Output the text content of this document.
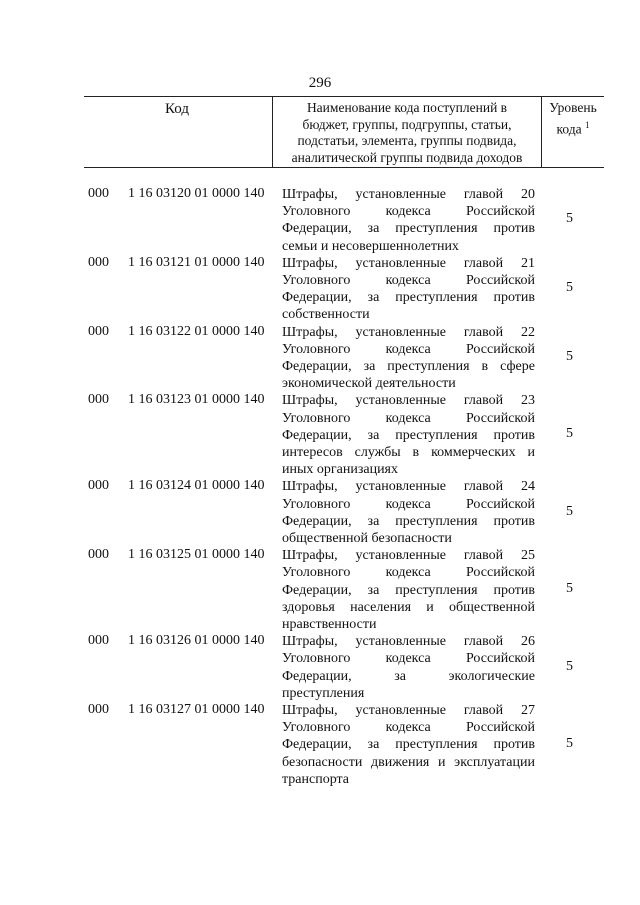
296
Код	Наименование кода поступлений в
бюджет, группы, подгруппы, статьи,
подстатьи, элемента, группы подвида,
аналитической группы подвида доходов
Уровень
кода $^1$
000 1 16 03120 01 0000 140 Штрафы, установленные главой 20
Уголовного кодекса Российской
Федерации, за преступления против
семьи и несовершеннолетних
5
000 1 16 03121 01 0000 140 Штрафы, установленные главой 21
Уголовного кодекса Российской
Федерации, за преступления против
собственности
5
000 1 16 03122 01 0000 140 Штрафы, установленные главой 22
Уголовного кодекса Российской
Федерации, за преступления в сфере
экономической деятельности
5
000 1 16 03123 01 0000 140 Штрафы, установленные главой 23
Уголовного кодекса Российской
Федерации, за преступления против
интересов службы в коммерческих и
иных организациях
5
000 1 16 03124 01 0000 140 Штрафы, установленные главой 24
Уголовного кодекса Российской
Федерации, за преступления против
общественной безопасности
5
000 1 16 03125 01 0000 140 Штрафы, установленные главой 25
Уголовного кодекса Российской
Федерации, за преступления против
здоровья населения и общественной
нравственности
5
000 1 16 03126 01 0000 140 Штрафы, установленные главой 26
Уголовного кодекса Российской
Федерации, за экологические
преступления
5
000 1 16 03127 01 0000 140 Штрафы, установленные главой 27
Уголовного кодекса Российской
Федерации, за преступления против
безопасности движения и эксплуатации
транспорта
5
